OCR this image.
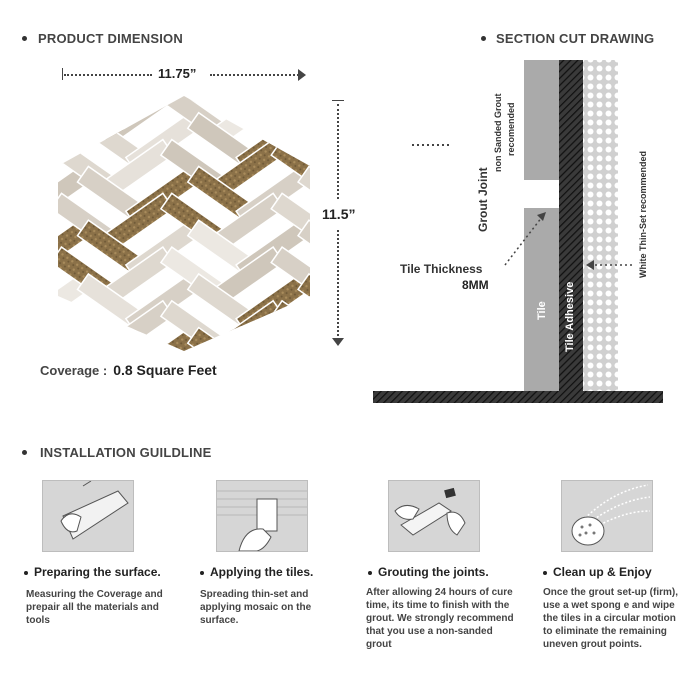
PRODUCT DIMENSION
11.75”
11.5”
Coverage : 0.8 Square Feet
SECTION CUT DRAWING
Grout Joint
non Sanded Grout recomended
Tile Thickness
8MM
Tile Tile Adhesive
White Thin-Set recommended
INSTALLATION GUILDLINE
Preparing the surface.
Measuring the Coverage and prepair all the materials and tools
Applying the tiles.
Spreading thin-set and applying mosaic on the surface.
Grouting the joints.
After allowing 24 hours of cure time, its time to finish with the grout. We strongly recommend that you use a non-sanded grout
Clean up & Enjoy
Once the grout set-up (firm), use a wet spong e and wipe the tiles in a circular motion to eliminate the remaining uneven grout points.
